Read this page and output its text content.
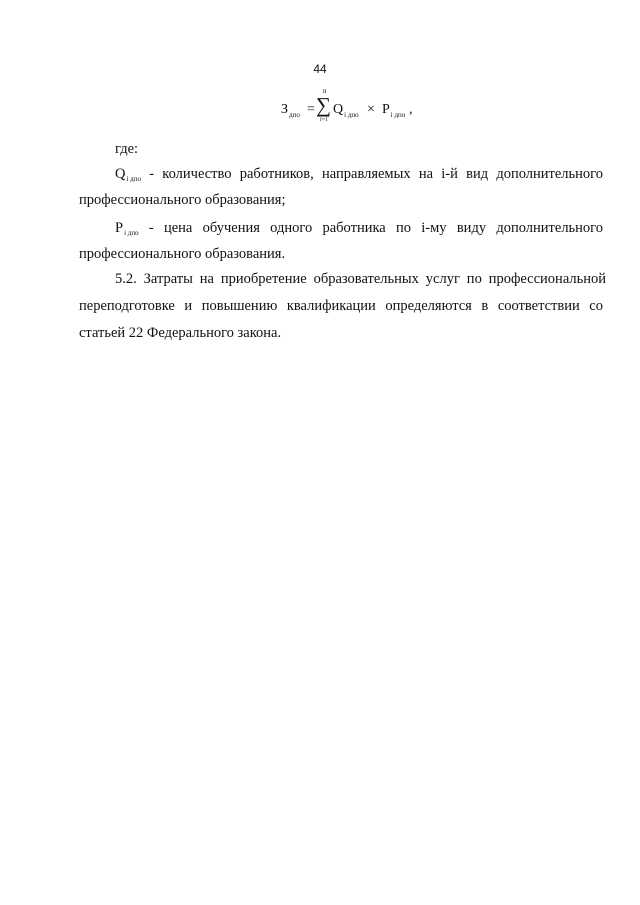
44
$З_{дпо}$ =
n
∑
i=1
$Q_{i дпо} \times P_{i дпо}$ ,
где:
$Q_{i дпо}$ - количество работников, направляемых на i-й вид дополнительного
профессионального образования;
$P_{i дпо}$ - цена обучения одного работника по i-му виду дополнительного
профессионального образования.
5.2. Затраты на приобретение образовательных услуг по профессиональной
переподготовке и повышению квалификации определяются в соответствии со
статьей 22 Федерального закона.
